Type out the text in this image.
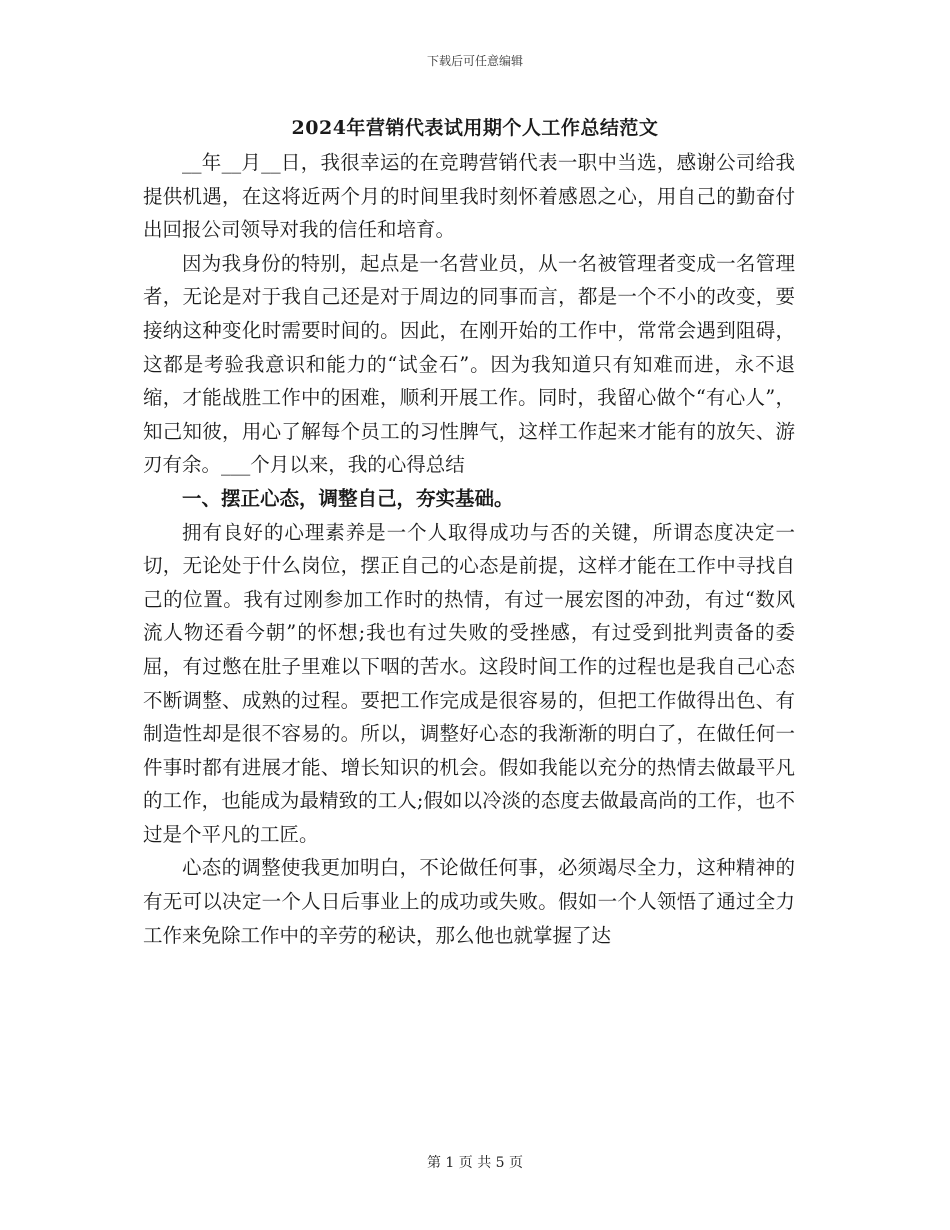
下载后可任意编辑
2024年营销代表试用期个人工作总结范文

__年__月__日，我很幸运的在竞聘营销代表一职中当选，感谢公司给我提供机遇，在这将近两个月的时间里我时刻怀着感恩之心，用自己的勤奋付出回报公司领导对我的信任和培育。

因为我身份的特别，起点是一名营业员，从一名被管理者变成一名管理者，无论是对于我自己还是对于周边的同事而言，都是一个不小的改变，要接纳这种变化时需要时间的。因此，在刚开始的工作中，常常会遇到阻碍，这都是考验我意识和能力的“试金石”。因为我知道只有知难而进，永不退缩，才能战胜工作中的困难，顺利开展工作。同时，我留心做个“有心人”，知己知彼，用心了解每个员工的习性脾气，这样工作起来才能有的放矢、游刃有余。___个月以来，我的心得总结

一、摆正心态，调整自己，夯实基础。

拥有良好的心理素养是一个人取得成功与否的关键，所谓态度决定一切，无论处于什么岗位，摆正自己的心态是前提，这样才能在工作中寻找自己的位置。我有过刚参加工作时的热情，有过一展宏图的冲劲，有过“数风流人物还看今朝”的怀想;我也有过失败的受挫感，有过受到批判责备的委屈，有过憋在肚子里难以下咽的苦水。这段时间工作的过程也是我自己心态不断调整、成熟的过程。要把工作完成是很容易的，但把工作做得出色、有制造性却是很不容易的。所以，调整好心态的我渐渐的明白了，在做任何一件事时都有进展才能、增长知识的机会。假如我能以充分的热情去做最平凡的工作，也能成为最精致的工人;假如以冷淡的态度去做最高尚的工作，也不过是个平凡的工匠。

心态的调整使我更加明白，不论做任何事，必须竭尽全力，这种精神的有无可以决定一个人日后事业上的成功或失败。假如一个人领悟了通过全力工作来免除工作中的辛劳的秘诀，那么他也就掌握了达

第 1 页 共 5 页
